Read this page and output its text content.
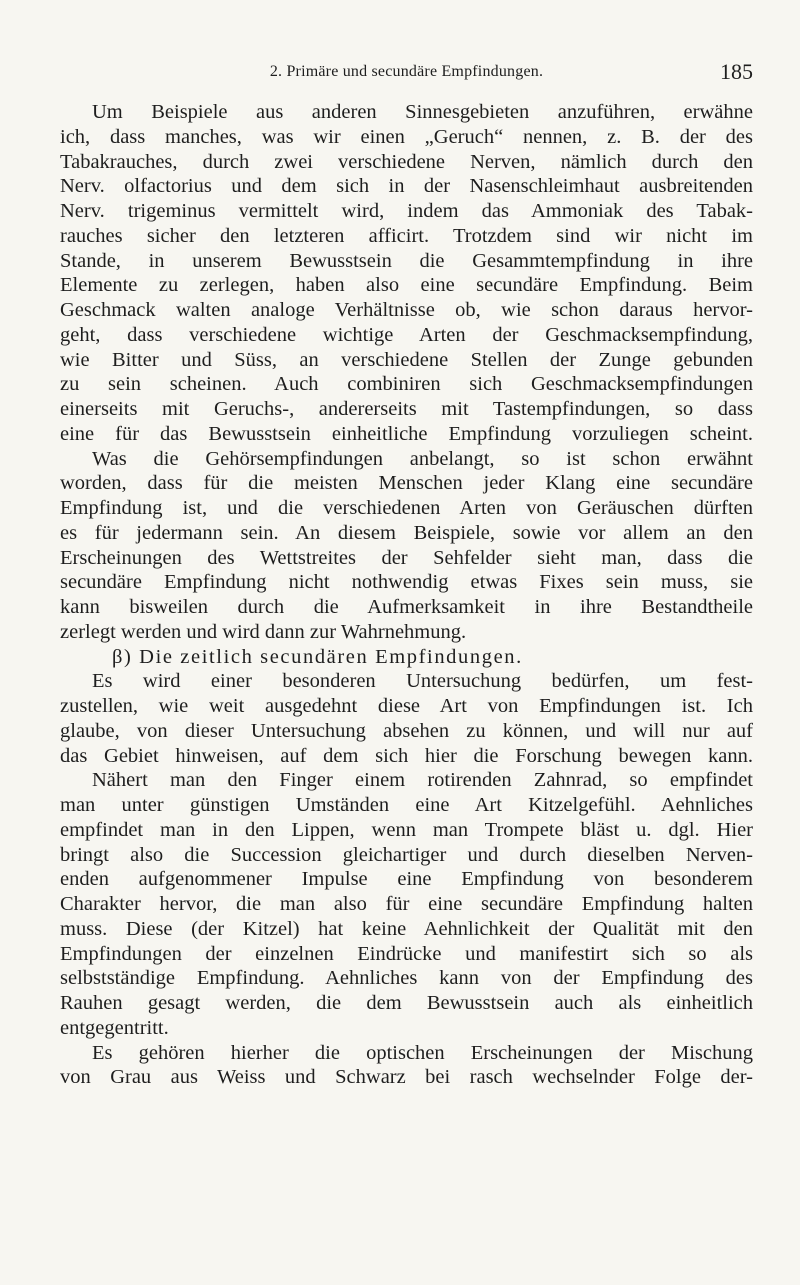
2. Primäre und secundäre Empfindungen.	185
Um Beispiele aus anderen Sinnesgebieten anzuführen, erwähne
ich, dass manches, was wir einen „Geruch“ nennen, z. B. der des
Tabakrauches, durch zwei verschiedene Nerven, nämlich durch den
Nerv. olfactorius und dem sich in der Nasenschleimhaut ausbreitenden
Nerv. trigeminus vermittelt wird, indem das Ammoniak des Tabak-
rauches sicher den letzteren afficirt. Trotzdem sind wir nicht im
Stande, in unserem Bewusstsein die Gesammtempfindung in ihre
Elemente zu zerlegen, haben also eine secundäre Empfindung. Beim
Geschmack walten analoge Verhältnisse ob, wie schon daraus hervor-
geht, dass verschiedene wichtige Arten der Geschmacksempfindung,
wie Bitter und Süss, an verschiedene Stellen der Zunge gebunden
zu sein scheinen. Auch combiniren sich Geschmacksempfindungen
einerseits mit Geruchs-, andererseits mit Tastempfindungen, so dass
eine für das Bewusstsein einheitliche Empfindung vorzuliegen scheint.
Was die Gehörsempfindungen anbelangt, so ist schon erwähnt
worden, dass für die meisten Menschen jeder Klang eine secundäre
Empfindung ist, und die verschiedenen Arten von Geräuschen dürften
es für jedermann sein. An diesem Beispiele, sowie vor allem an den
Erscheinungen des Wettstreites der Sehfelder sieht man, dass die
secundäre Empfindung nicht nothwendig etwas Fixes sein muss, sie
kann bisweilen durch die Aufmerksamkeit in ihre Bestandtheile
zerlegt werden und wird dann zur Wahrnehmung.
β) Die zeitlich secundären Empfindungen.
Es wird einer besonderen Untersuchung bedürfen, um fest-
zustellen, wie weit ausgedehnt diese Art von Empfindungen ist. Ich
glaube, von dieser Untersuchung absehen zu können, und will nur auf
das Gebiet hinweisen, auf dem sich hier die Forschung bewegen kann.
Nähert man den Finger einem rotirenden Zahnrad, so empfindet
man unter günstigen Umständen eine Art Kitzelgefühl. Aehnliches
empfindet man in den Lippen, wenn man Trompete bläst u. dgl. Hier
bringt also die Succession gleichartiger und durch dieselben Nerven-
enden aufgenommener Impulse eine Empfindung von besonderem
Charakter hervor, die man also für eine secundäre Empfindung halten
muss. Diese (der Kitzel) hat keine Aehnlichkeit der Qualität mit den
Empfindungen der einzelnen Eindrücke und manifestirt sich so als
selbstständige Empfindung. Aehnliches kann von der Empfindung des
Rauhen gesagt werden, die dem Bewusstsein auch als einheitlich
entgegentritt.
Es gehören hierher die optischen Erscheinungen der Mischung
von Grau aus Weiss und Schwarz bei rasch wechselnder Folge der-
